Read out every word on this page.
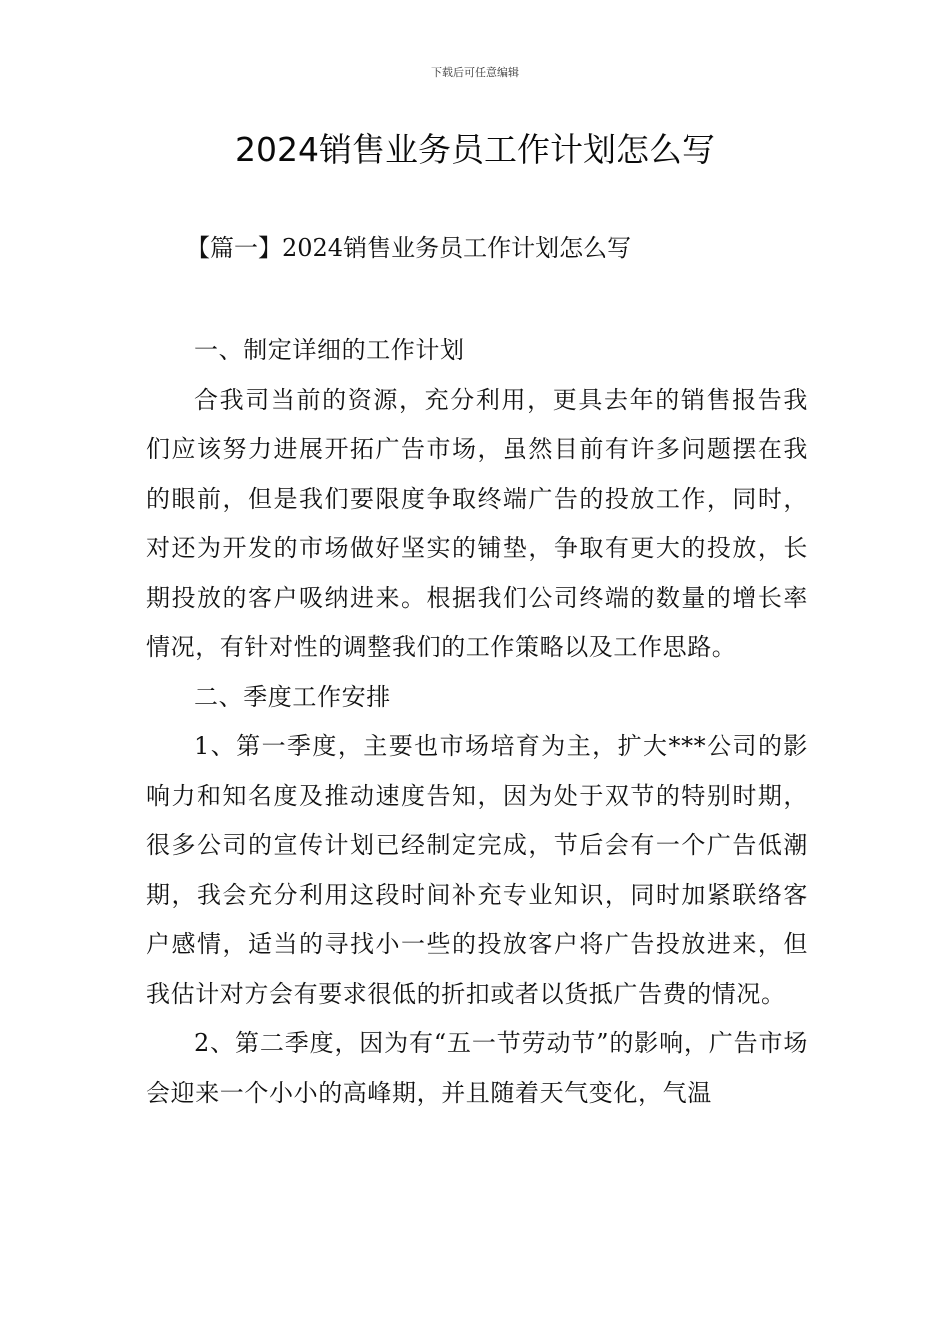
下载后可任意编辑
2024销售业务员工作计划怎么写
【篇一】2024销售业务员工作计划怎么写

一、制定详细的工作计划

合我司当前的资源，充分利用，更具去年的销售报告我们应该努力进展开拓广告市场，虽然目前有许多问题摆在我的眼前，但是我们要限度争取终端广告的投放工作，同时，对还为开发的市场做好坚实的铺垫，争取有更大的投放，长期投放的客户吸纳进来。根据我们公司终端的数量的增长率情况，有针对性的调整我们的工作策略以及工作思路。

二、季度工作安排

1、第一季度，主要也市场培育为主，扩大***公司的影响力和知名度及推动速度告知，因为处于双节的特别时期，很多公司的宣传计划已经制定完成，节后会有一个广告低潮期，我会充分利用这段时间补充专业知识，同时加紧联络客户感情，适当的寻找小一些的投放客户将广告投放进来，但我估计对方会有要求很低的折扣或者以货抵广告费的情况。

2、第二季度，因为有“五一节劳动节”的影响，广告市场会迎来一个小小的高峰期，并且随着天气变化，气温
